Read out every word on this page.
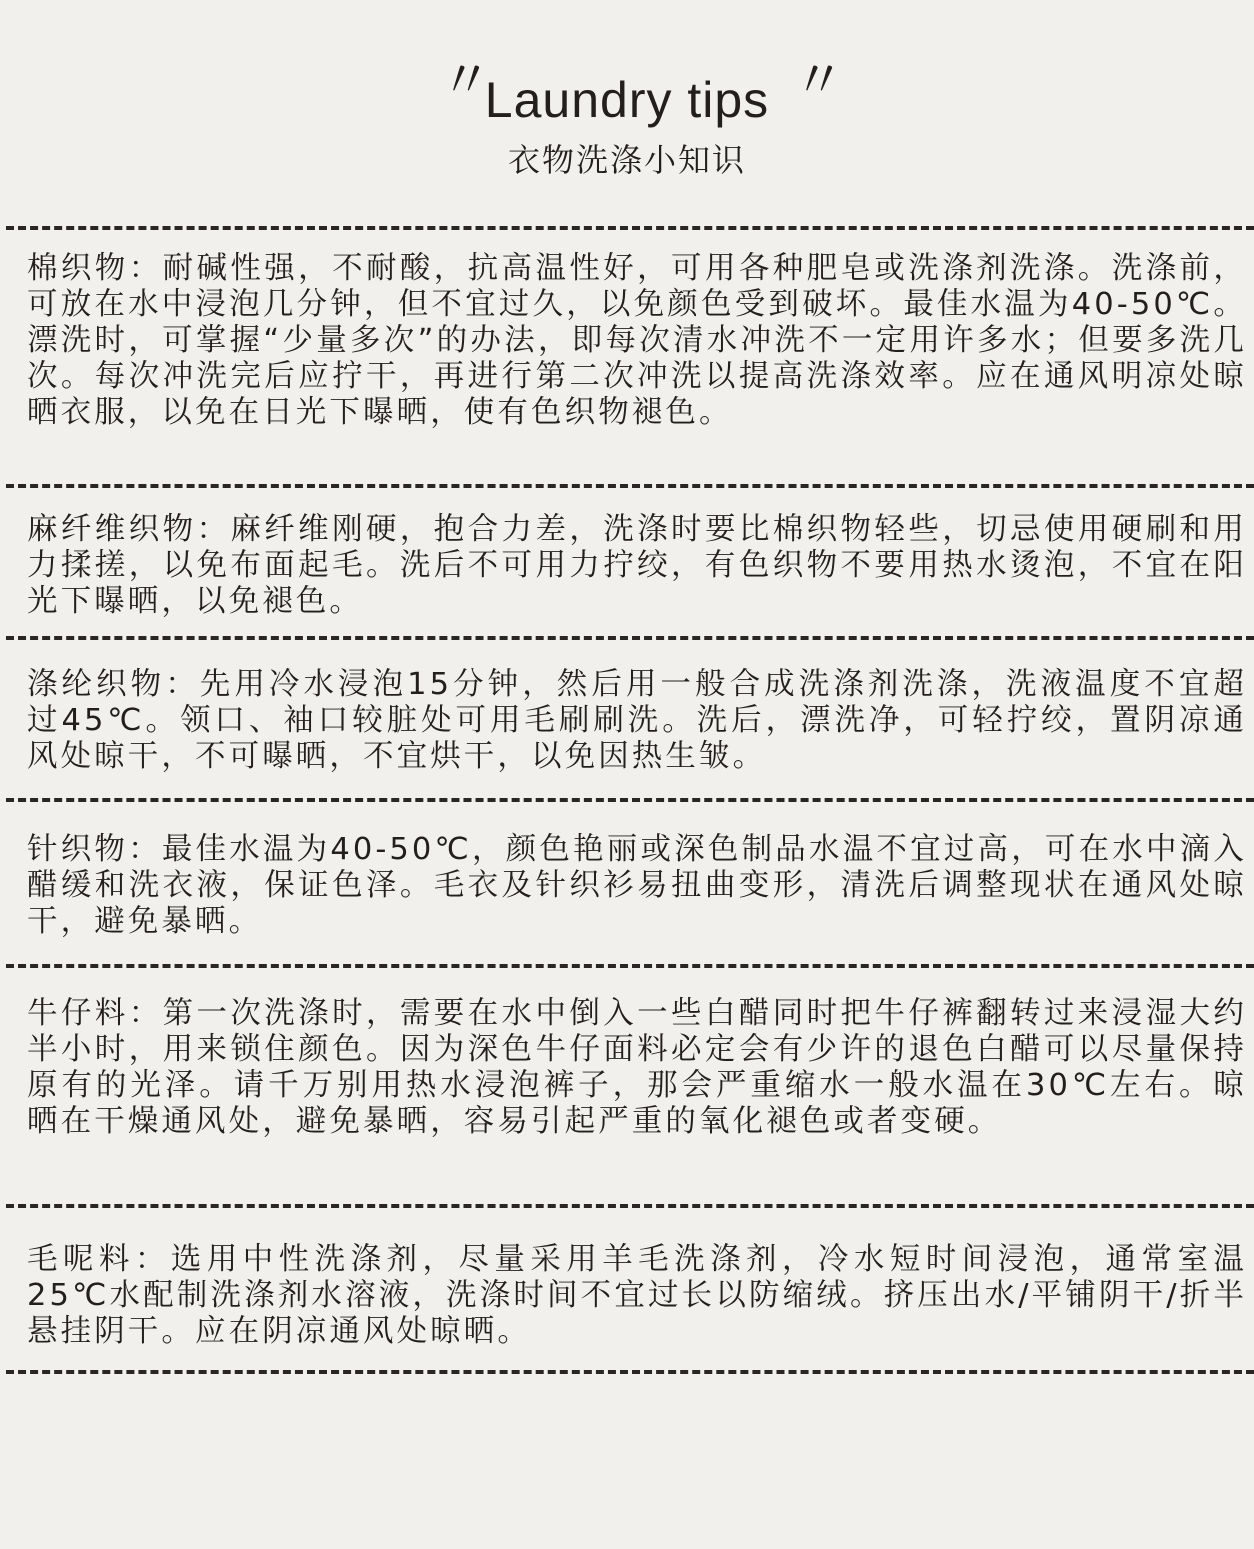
〃
Laundry tips 〃
衣物洗涤小知识

棉织物：耐碱性强，不耐酸，抗高温性好，可用各种肥皂或洗涤剂洗涤。洗涤前，可放在水中浸泡几分钟，但不宜过久，以免颜色受到破坏。最佳水温为40-50℃。漂洗时，可掌握“少量多次”的办法，即每次清水冲洗不一定用许多水；但要多洗几次。每次冲洗完后应拧干，再进行第二次冲洗以提高洗涤效率。应在通风明凉处晾晒衣服，以免在日光下曝晒，使有色织物褪色。

麻纤维织物：麻纤维刚硬，抱合力差，洗涤时要比棉织物轻些，切忌使用硬刷和用力揉搓，以免布面起毛。洗后不可用力拧绞，有色织物不要用热水烫泡，不宜在阳光下曝晒，以免褪色。

涤纶织物：先用冷水浸泡15分钟，然后用一般合成洗涤剂洗涤，洗液温度不宜超过45℃。领口、袖口较脏处可用毛刷刷洗。洗后，漂洗净，可轻拧绞，置阴凉通风处晾干，不可曝晒，不宜烘干，以免因热生皱。

针织物：最佳水温为40-50℃，颜色艳丽或深色制品水温不宜过高，可在水中滴入醋缓和洗衣液，保证色泽。毛衣及针织衫易扭曲变形，清洗后调整现状在通风处晾干，避免暴晒。

牛仔料：第一次洗涤时，需要在水中倒入一些白醋同时把牛仔裤翻转过来浸湿大约半小时，用来锁住颜色。因为深色牛仔面料必定会有少许的退色白醋可以尽量保持原有的光泽。请千万别用热水浸泡裤子，那会严重缩水一般水温在30℃左右。晾晒在干燥通风处，避免暴晒，容易引起严重的氧化褪色或者变硬。

毛呢料：选用中性洗涤剂，尽量采用羊毛洗涤剂，冷水短时间浸泡，通常室温25℃水配制洗涤剂水溶液，洗涤时间不宜过长以防缩绒。挤压出水/平铺阴干/折半悬挂阴干。应在阴凉通风处晾晒。
